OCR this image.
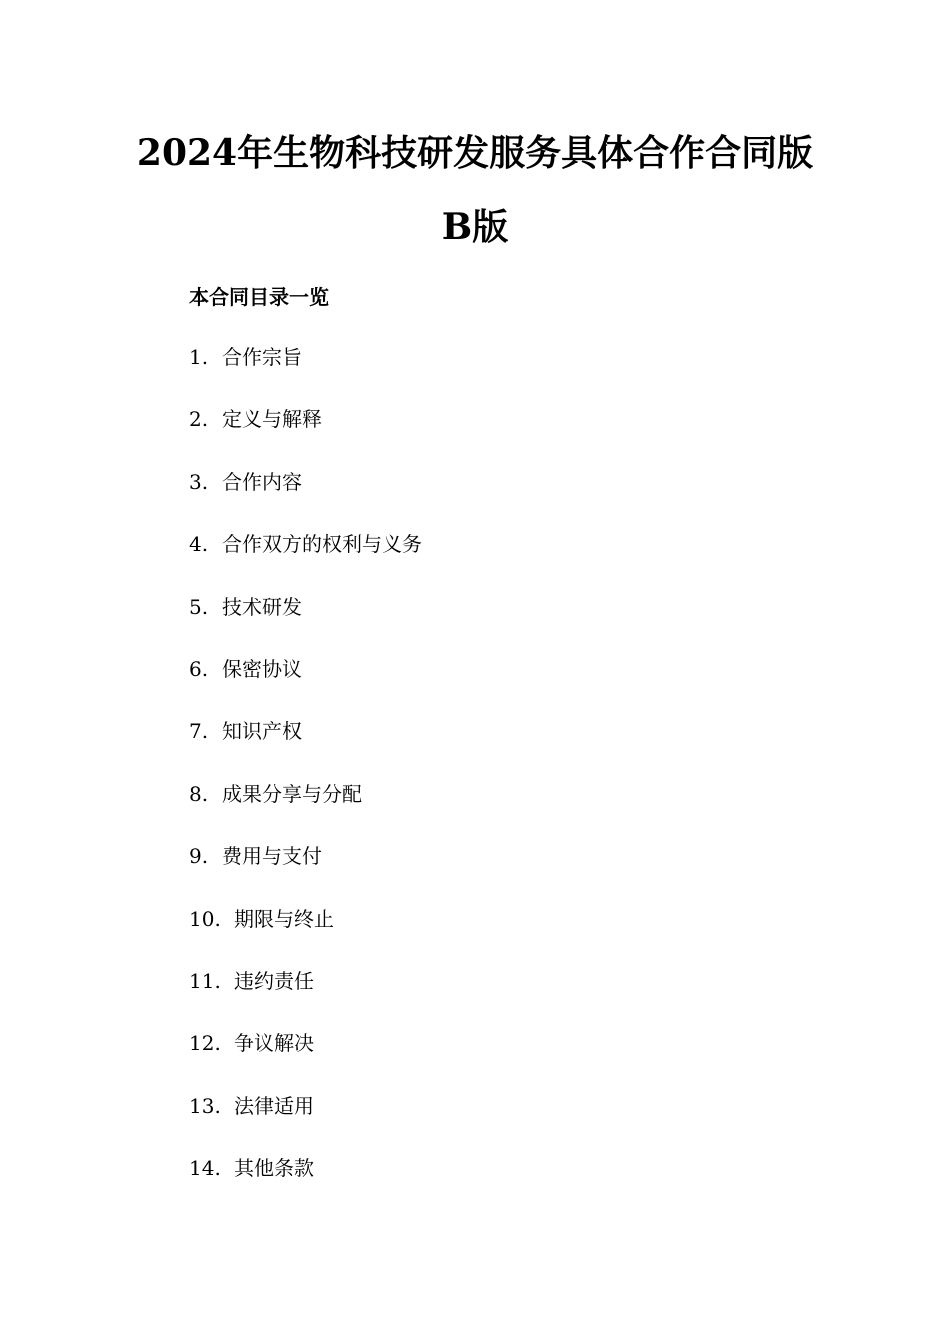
2024年生物科技研发服务具体合作合同版
B版
本合同目录一览
1. 合作宗旨
2. 定义与解释
3. 合作内容
4. 合作双方的权利与义务
5. 技术研发
6. 保密协议
7. 知识产权
8. 成果分享与分配
9. 费用与支付
10. 期限与终止
11. 违约责任
12. 争议解决
13. 法律适用
14. 其他条款
